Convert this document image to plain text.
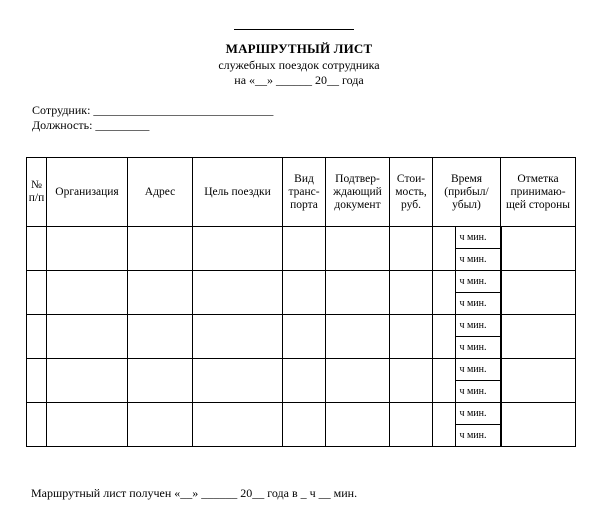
МАРШРУТНЫЙ ЛИСТ
служебных поездок сотрудника
на «__» ______ 20__ года
Сотрудник: ______________________________
Должность: _________
№ п/п	Организация	Адрес	Цель поездки	Вид транс-порта	Подтвер-ждающий документ	Стои-мость, руб.	Время (прибыл/ убыл)		Отметка принимаю-щей стороны
								ч мин.	
								ч мин.	
								ч мин.	
								ч мин.	
								ч мин.	
								ч мин.	
								ч мин.	
								ч мин.	
								ч мин.	
								ч мин.	
Маршрутный лист получен «__» ______ 20__ года в _ ч __ мин.
